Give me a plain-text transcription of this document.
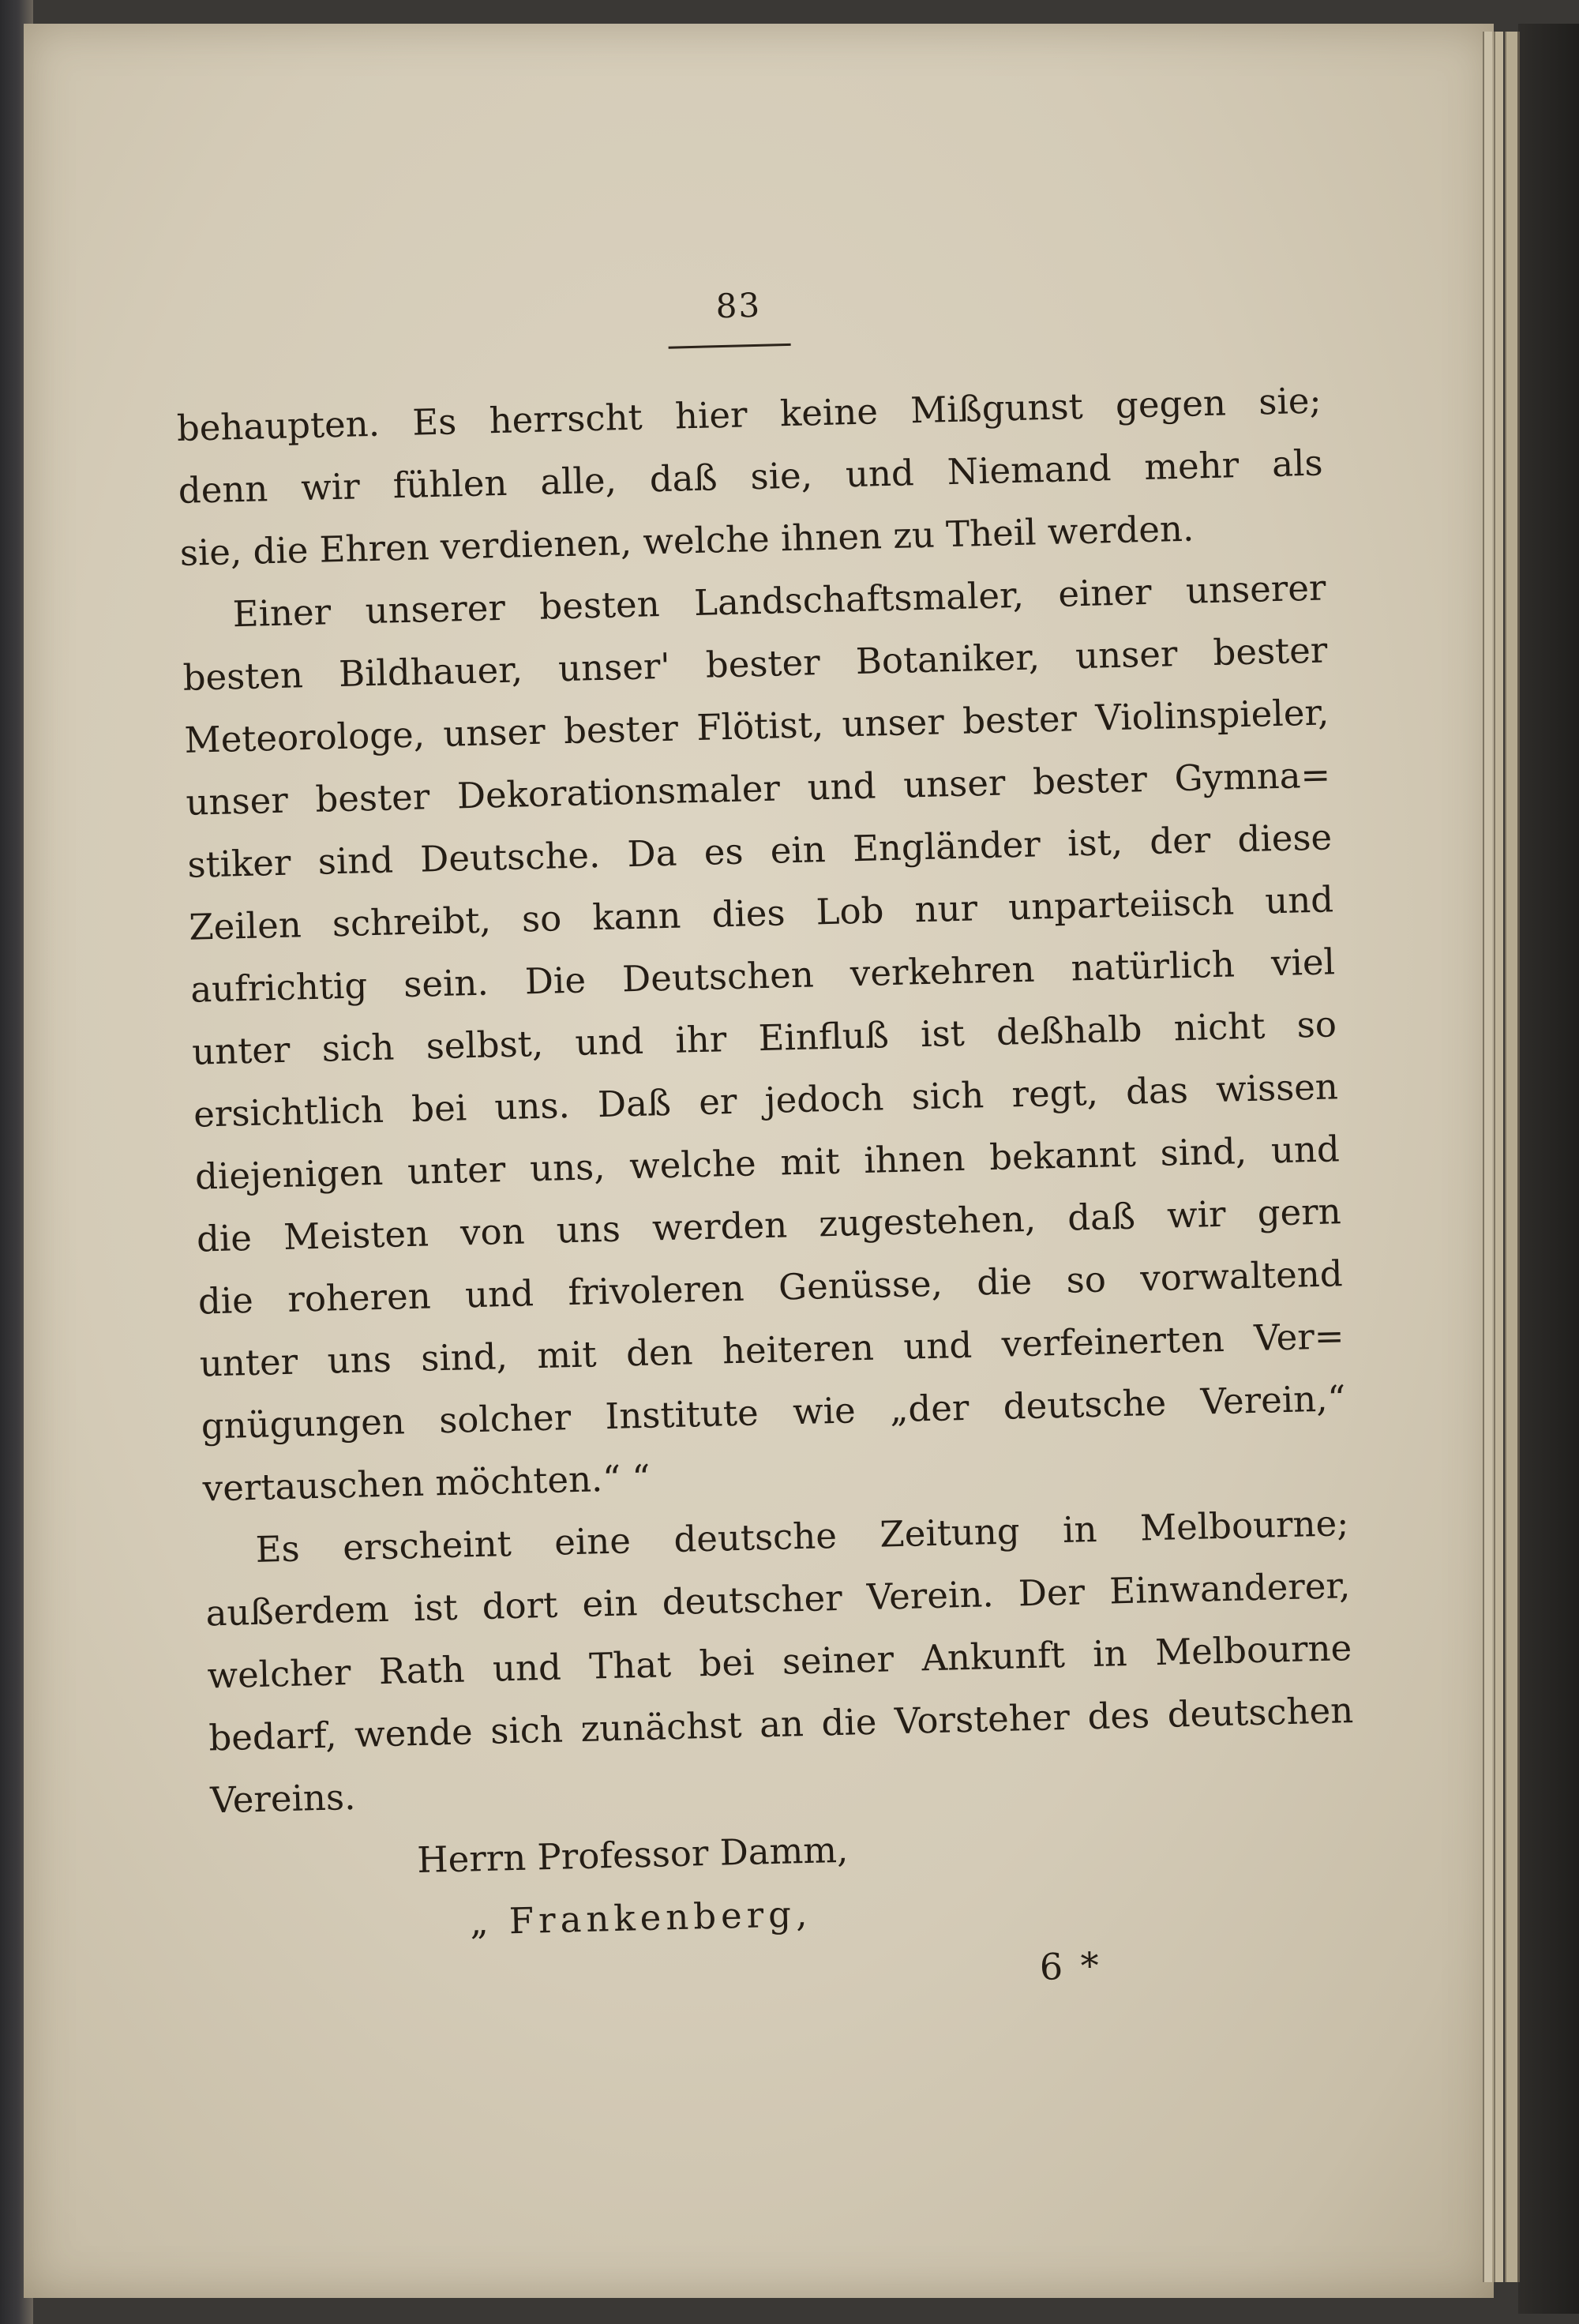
83
behaupten. Es herrscht hier keine Mißgunst gegen sie;
denn wir fühlen alle, daß sie, und Niemand mehr als
sie, die Ehren verdienen, welche ihnen zu Theil werden.
Einer unserer besten Landschaftsmaler, einer unserer
besten Bildhauer, unser' bester Botaniker, unser bester
Meteorologe, unser bester Flötist, unser bester Violinspieler,
unser bester Dekorationsmaler und unser bester Gymna=
stiker sind Deutsche. Da es ein Engländer ist, der diese
Zeilen schreibt, so kann dies Lob nur unparteiisch und
aufrichtig sein. Die Deutschen verkehren natürlich viel
unter sich selbst, und ihr Einfluß ist deßhalb nicht so
ersichtlich bei uns. Daß er jedoch sich regt, das wissen
diejenigen unter uns, welche mit ihnen bekannt sind, und
die Meisten von uns werden zugestehen, daß wir gern
die roheren und frivoleren Genüsse, die so vorwaltend
unter uns sind, mit den heiteren und verfeinerten Ver=
gnügungen solcher Institute wie „der deutsche Verein,“
vertauschen möchten.“ “
Es erscheint eine deutsche Zeitung in Melbourne;
außerdem ist dort ein deutscher Verein. Der Einwanderer,
welcher Rath und That bei seiner Ankunft in Melbourne
bedarf, wende sich zunächst an die Vorsteher des deutschen
Vereins.
Herrn Professor Damm,
„ Frankenberg,
6 *
